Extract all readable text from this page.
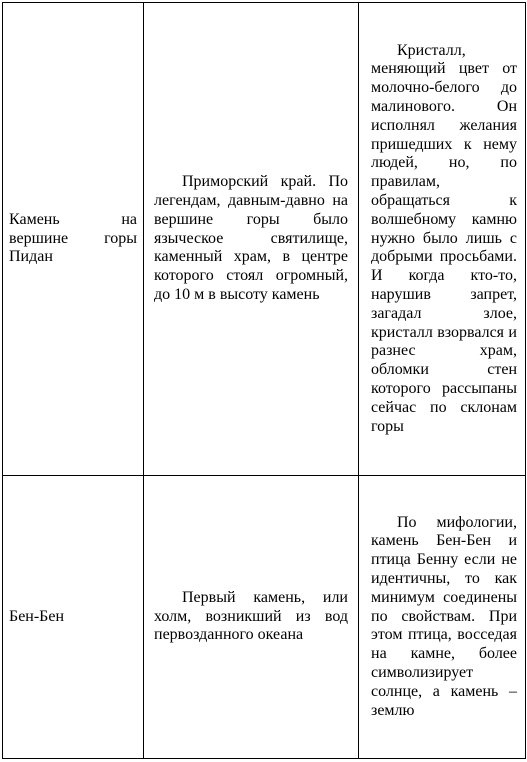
Камень на вершине горы Пидан	Приморский край. По легендам, давным-давно на вершине горы было языческое святилище, каменный храм, в центре которого стоял огромный, до 10 м в высоту камень	Кристалл, меняющий цвет от молочно-белого до малинового. Он исполнял желания пришедших к нему людей, но, по правилам, обращаться к волшебному камню нужно было лишь с добрыми просьбами. И когда кто-то, нарушив запрет, загадал злое, кристалл взорвался и разнес храм, обломки стен которого рассыпаны сейчас по склонам горы

Бен-Бен	Первый камень, или холм, возникший из вод первозданного океана	По мифологии, камень Бен-Бен и птица Бенну если не идентичны, то как минимум соединены по свойствам. При этом птица, восседая на камне, более символизирует солнце, а камень – землю
